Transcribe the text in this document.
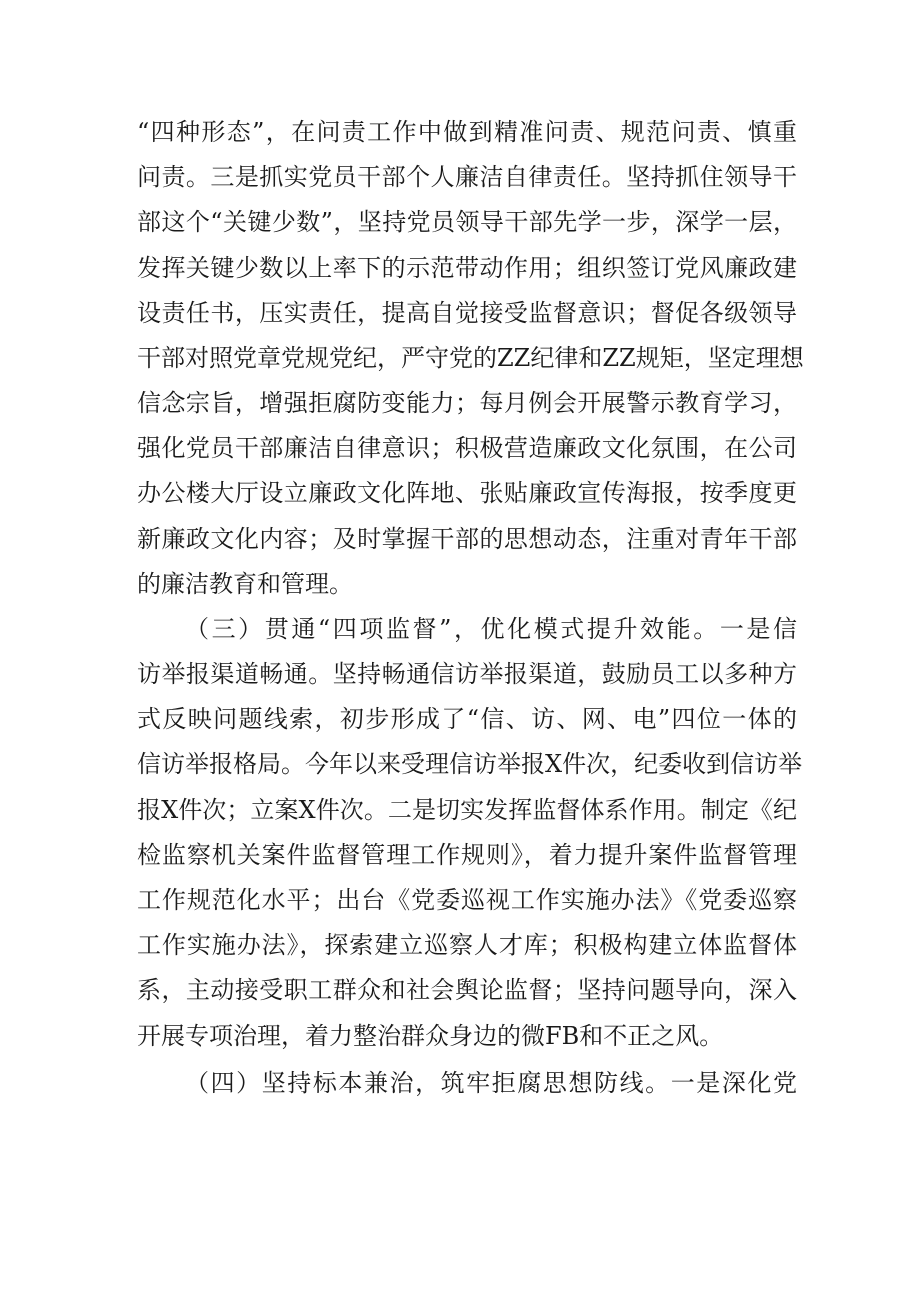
“四种形态”，在问责工作中做到精准问责、规范问责、慎重
问责。三是抓实党员干部个人廉洁自律责任。坚持抓住领导干
部这个“关键少数”，坚持党员领导干部先学一步，深学一层，
发挥关键少数以上率下的示范带动作用；组织签订党风廉政建
设责任书，压实责任，提高自觉接受监督意识；督促各级领导
干部对照党章党规党纪，严守党的ZZ纪律和ZZ规矩，坚定理想
信念宗旨，增强拒腐防变能力；每月例会开展警示教育学习，
强化党员干部廉洁自律意识；积极营造廉政文化氛围，在公司
办公楼大厅设立廉政文化阵地、张贴廉政宣传海报，按季度更
新廉政文化内容；及时掌握干部的思想动态，注重对青年干部
的廉洁教育和管理。
（三）贯通“四项监督”，优化模式提升效能。一是信
访举报渠道畅通。坚持畅通信访举报渠道，鼓励员工以多种方
式反映问题线索，初步形成了“信、访、网、电”四位一体的
信访举报格局。今年以来受理信访举报X件次，纪委收到信访举
报X件次；立案X件次。二是切实发挥监督体系作用。制定《纪
检监察机关案件监督管理工作规则》，着力提升案件监督管理
工作规范化水平；出台《党委巡视工作实施办法》《党委巡察
工作实施办法》，探索建立巡察人才库；积极构建立体监督体
系，主动接受职工群众和社会舆论监督；坚持问题导向，深入
开展专项治理，着力整治群众身边的微FB和不正之风。
（四）坚持标本兼治，筑牢拒腐思想防线。一是深化党
